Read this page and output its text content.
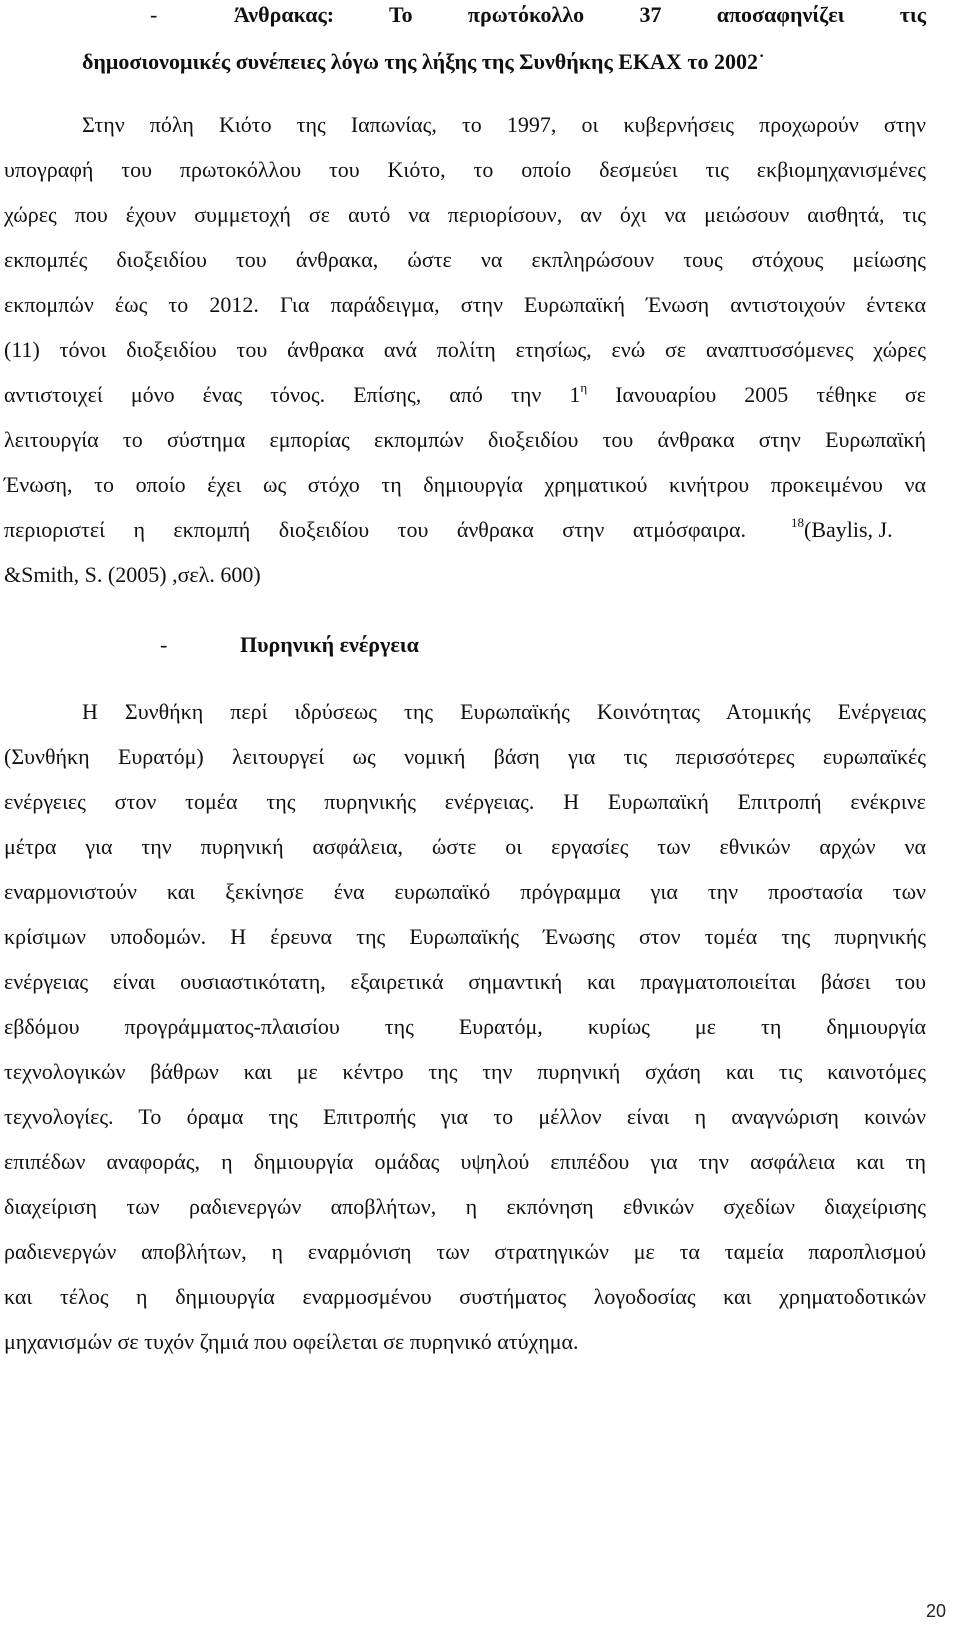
-	Άνθρακας: Το πρωτόκολλο 37 αποσαφηνίζει τις
δημοσιονομικές συνέπειες λόγω της λήξης της Συνθήκης ΕΚΑΧ το 2002·
Στην πόλη Κιότο της Ιαπωνίας, το 1997, οι κυβερνήσεις προχωρούν στην
υπογραφή του πρωτοκόλλου του Κιότο, το οποίο δεσμεύει τις εκβιομηχανισμένες
χώρες που έχουν συμμετοχή σε αυτό να περιορίσουν, αν όχι να μειώσουν αισθητά, τις
εκπομπές διοξειδίου του άνθρακα, ώστε να εκπληρώσουν τους στόχους μείωσης
εκπομπών έως το 2012. Για παράδειγμα, στην Ευρωπαϊκή Ένωση αντιστοιχούν έντεκα
(11) τόνοι διοξειδίου του άνθρακα ανά πολίτη ετησίως, ενώ σε αναπτυσσόμενες χώρες
αντιστοιχεί μόνο ένας τόνος. Επίσης, από την $1^\eta$ Ιανουαρίου 2005 τέθηκε σε
λειτουργία το σύστημα εμπορίας εκπομπών διοξειδίου του άνθρακα στην Ευρωπαϊκή
Ένωση, το οποίο έχει ως στόχο τη δημιουργία χρηματικού κινήτρου προκειμένου να
περιοριστεί η εκπομπή διοξειδίου του άνθρακα στην ατμόσφαιρα.	$^{18}$(Baylis, J.
&Smith, S. (2005) ,σελ. 600)
-	Πυρηνική ενέργεια
Η Συνθήκη περί ιδρύσεως της Ευρωπαϊκής Κοινότητας Ατομικής Ενέργειας
(Συνθήκη Ευρατόμ) λειτουργεί ως νομική βάση για τις περισσότερες ευρωπαϊκές
ενέργειες στον τομέα της πυρηνικής ενέργειας. Η Ευρωπαϊκή Επιτροπή ενέκρινε
μέτρα για την πυρηνική ασφάλεια, ώστε οι εργασίες των εθνικών αρχών να
εναρμονιστούν και ξεκίνησε ένα ευρωπαϊκό πρόγραμμα για την προστασία των
κρίσιμων υποδομών. Η έρευνα της Ευρωπαϊκής Ένωσης στον τομέα της πυρηνικής
ενέργειας είναι ουσιαστικότατη, εξαιρετικά σημαντική και πραγματοποιείται βάσει του
εβδόμου προγράμματος-πλαισίου της Ευρατόμ, κυρίως με τη δημιουργία
τεχνολογικών βάθρων και με κέντρο της την πυρηνική σχάση και τις καινοτόμες
τεχνολογίες. Το όραμα της Επιτροπής για το μέλλον είναι η αναγνώριση κοινών
επιπέδων αναφοράς, η δημιουργία ομάδας υψηλού επιπέδου για την ασφάλεια και τη
διαχείριση των ραδιενεργών αποβλήτων, η εκπόνηση εθνικών σχεδίων διαχείρισης
ραδιενεργών αποβλήτων, η εναρμόνιση των στρατηγικών με τα ταμεία παροπλισμού
και τέλος η δημιουργία εναρμοσμένου συστήματος λογοδοσίας και χρηματοδοτικών
μηχανισμών σε τυχόν ζημιά που οφείλεται σε πυρηνικό ατύχημα.
20
